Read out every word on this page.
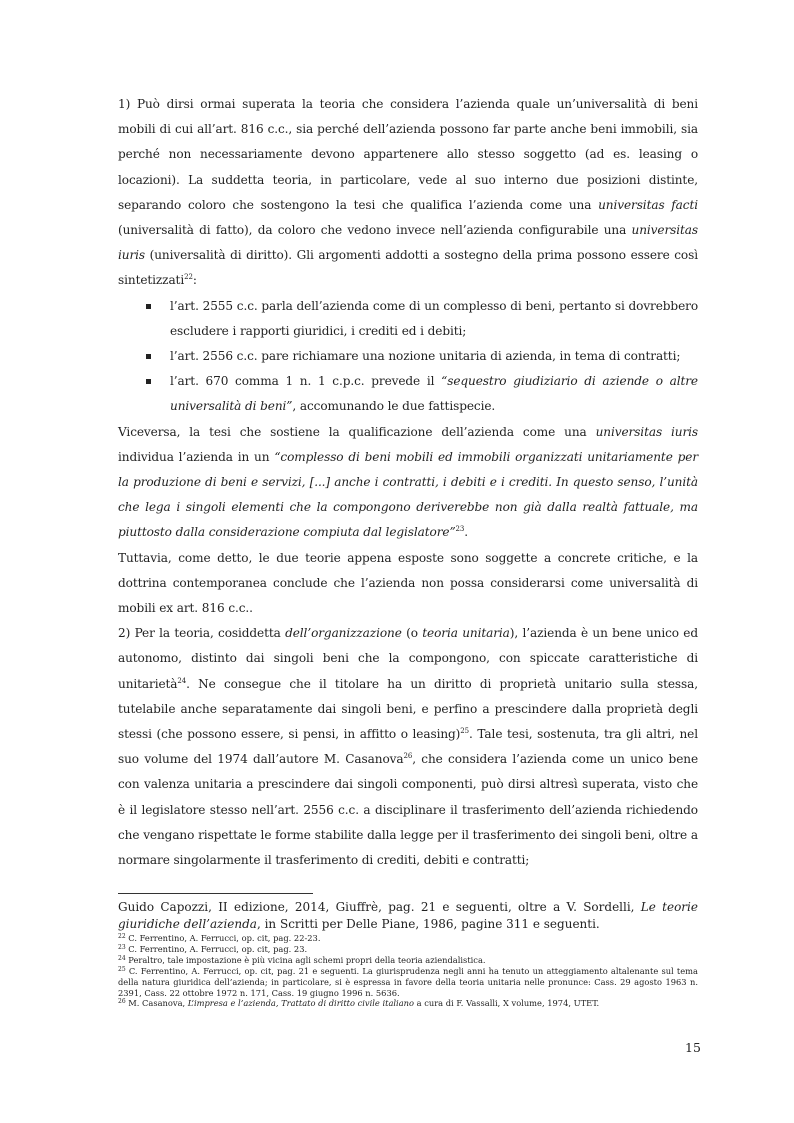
1) Può dirsi ormai superata la teoria che considera l’azienda quale un’universalità di beni mobili di cui all’art. 816 c.c., sia perché dell’azienda possono far parte anche beni immobili, sia perché non necessariamente devono appartenere allo stesso soggetto (ad es. leasing o locazioni). La suddetta teoria, in particolare, vede al suo interno due posizioni distinte, separando coloro che sostengono la tesi che qualifica l’azienda come una universitas facti (universalità di fatto), da coloro che vedono invece nell’azienda configurabile una universitas iuris (universalità di diritto). Gli argomenti addotti a sostegno della prima possono essere così sintetizzati$^{22}$:

l’art. 2555 c.c. parla dell’azienda come di un complesso di beni, pertanto si dovrebbero escludere i rapporti giuridici, i crediti ed i debiti;
l’art. 2556 c.c. pare richiamare una nozione unitaria di azienda, in tema di contratti;
l’art. 670 comma 1 n. 1 c.p.c. prevede il “sequestro giudiziario di aziende o altre universalità di beni”, accomunando le due fattispecie.

Viceversa, la tesi che sostiene la qualificazione dell’azienda come una universitas iuris individua l’azienda in un “complesso di beni mobili ed immobili organizzati unitariamente per la produzione di beni e servizi, [...] anche i contratti, i debiti e i crediti. In questo senso, l’unità che lega i singoli elementi che la compongono deriverebbe non già dalla realtà fattuale, ma piuttosto dalla considerazione compiuta dal legislatore”$^{23}$.

Tuttavia, come detto, le due teorie appena esposte sono soggette a concrete critiche, e la dottrina contemporanea conclude che l’azienda non possa considerarsi come universalità di mobili ex art. 816 c.c..

2) Per la teoria, cosiddetta dell’organizzazione (o teoria unitaria), l’azienda è un bene unico ed autonomo, distinto dai singoli beni che la compongono, con spiccate caratteristiche di unitarietà$^{24}$. Ne consegue che il titolare ha un diritto di proprietà unitario sulla stessa, tutelabile anche separatamente dai singoli beni, e perfino a prescindere dalla proprietà degli stessi (che possono essere, si pensi, in affitto o leasing)$^{25}$. Tale tesi, sostenuta, tra gli altri, nel suo volume del 1974 dall’autore M. Casanova$^{26}$, che considera l’azienda come un unico bene con valenza unitaria a prescindere dai singoli componenti, può dirsi altresì superata, visto che è il legislatore stesso nell’art. 2556 c.c. a disciplinare il trasferimento dell’azienda richiedendo che vengano rispettate le forme stabilite dalla legge per il trasferimento dei singoli beni, oltre a normare singolarmente il trasferimento di crediti, debiti e contratti;

Guido Capozzi, II edizione, 2014, Giuffrè, pag. 21 e seguenti, oltre a V. Sordelli, Le teorie giuridiche dell’azienda, in Scritti per Delle Piane, 1986, pagine 311 e seguenti.

$^{22}$ C. Ferrentino, A. Ferrucci, op. cit, pag. 22-23.

$^{23}$ C. Ferrentino, A. Ferrucci, op. cit, pag. 23.

$^{24}$ Peraltro, tale impostazione è più vicina agli schemi propri della teoria aziendalistica.

$^{25}$ C. Ferrentino, A. Ferrucci, op. cit, pag. 21 e seguenti. La giurisprudenza negli anni ha tenuto un atteggiamento altalenante sul tema della natura giuridica dell’azienda; in particolare, si è espressa in favore della teoria unitaria nelle pronunce: Cass. 29 agosto 1963 n. 2391, Cass. 22 ottobre 1972 n. 171, Cass. 19 giugno 1996 n. 5636.

$^{26}$ M. Casanova, L’impresa e l’azienda, Trattato di diritto civile italiano a cura di F. Vassalli, X volume, 1974, UTET.

15
